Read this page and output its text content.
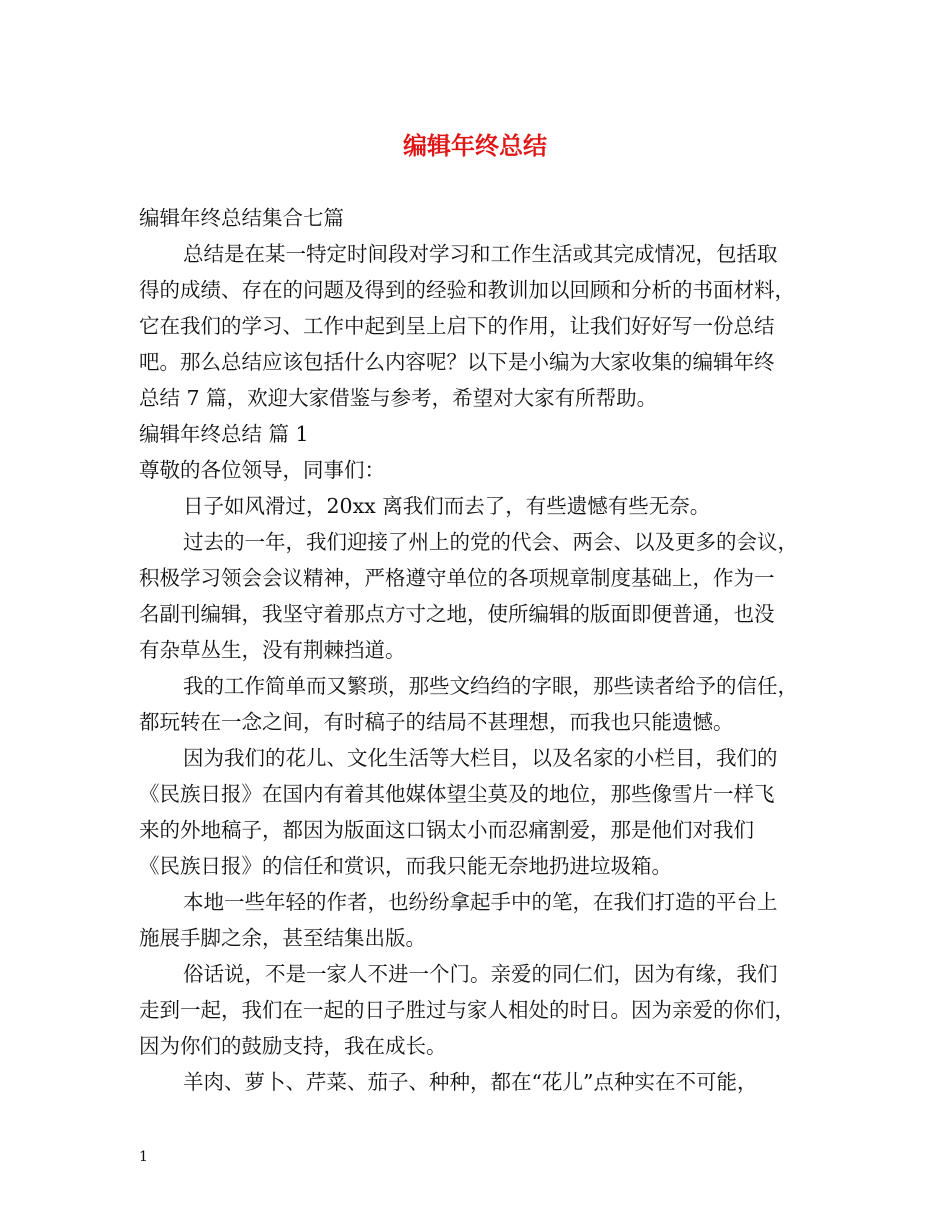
编辑年终总结
编辑年终总结集合七篇
总结是在某一特定时间段对学习和工作生活或其完成情况，包括取
得的成绩、存在的问题及得到的经验和教训加以回顾和分析的书面材料，
它在我们的学习、工作中起到呈上启下的作用，让我们好好写一份总结
吧。那么总结应该包括什么内容呢？以下是小编为大家收集的编辑年终
总结 7 篇，欢迎大家借鉴与参考，希望对大家有所帮助。
编辑年终总结 篇 1
尊敬的各位领导，同事们：
日子如风滑过，20xx 离我们而去了，有些遗憾有些无奈。
过去的一年，我们迎接了州上的党的代会、两会、以及更多的会议，
积极学习领会会议精神，严格遵守单位的各项规章制度基础上，作为一
名副刊编辑，我坚守着那点方寸之地，使所编辑的版面即便普通，也没
有杂草丛生，没有荆棘挡道。
我的工作简单而又繁琐，那些文绉绉的字眼，那些读者给予的信任，
都玩转在一念之间，有时稿子的结局不甚理想，而我也只能遗憾。
因为我们的花儿、文化生活等大栏目，以及名家的小栏目，我们的
《民族日报》在国内有着其他媒体望尘莫及的地位，那些像雪片一样飞
来的外地稿子，都因为版面这口锅太小而忍痛割爱，那是他们对我们
《民族日报》的信任和赏识，而我只能无奈地扔进垃圾箱。
本地一些年轻的作者，也纷纷拿起手中的笔，在我们打造的平台上
施展手脚之余，甚至结集出版。
俗话说，不是一家人不进一个门。亲爱的同仁们，因为有缘，我们
走到一起，我们在一起的日子胜过与家人相处的时日。因为亲爱的你们，
因为你们的鼓励支持，我在成长。
羊肉、萝卜、芹菜、茄子、种种，都在“花儿”点种实在不可能，
1
